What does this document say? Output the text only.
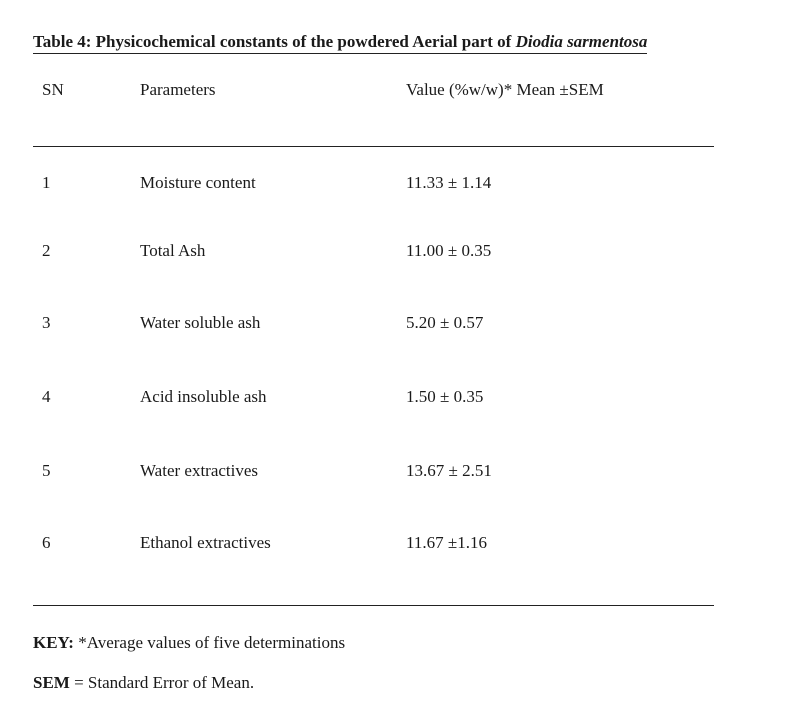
Table 4: Physicochemical constants of the powdered Aerial part of Diodia sarmentosa
SN	Parameters	Value (%w/w)* Mean ±SEM
1	Moisture content	11.33 ± 1.14
2	Total Ash	11.00 ± 0.35
3	Water soluble ash	5.20 ± 0.57
4	Acid insoluble ash	1.50 ± 0.35
5	Water extractives	13.67 ± 2.51
6	Ethanol extractives	11.67 ±1.16
KEY: *Average values of five determinations
SEM = Standard Error of Mean.
